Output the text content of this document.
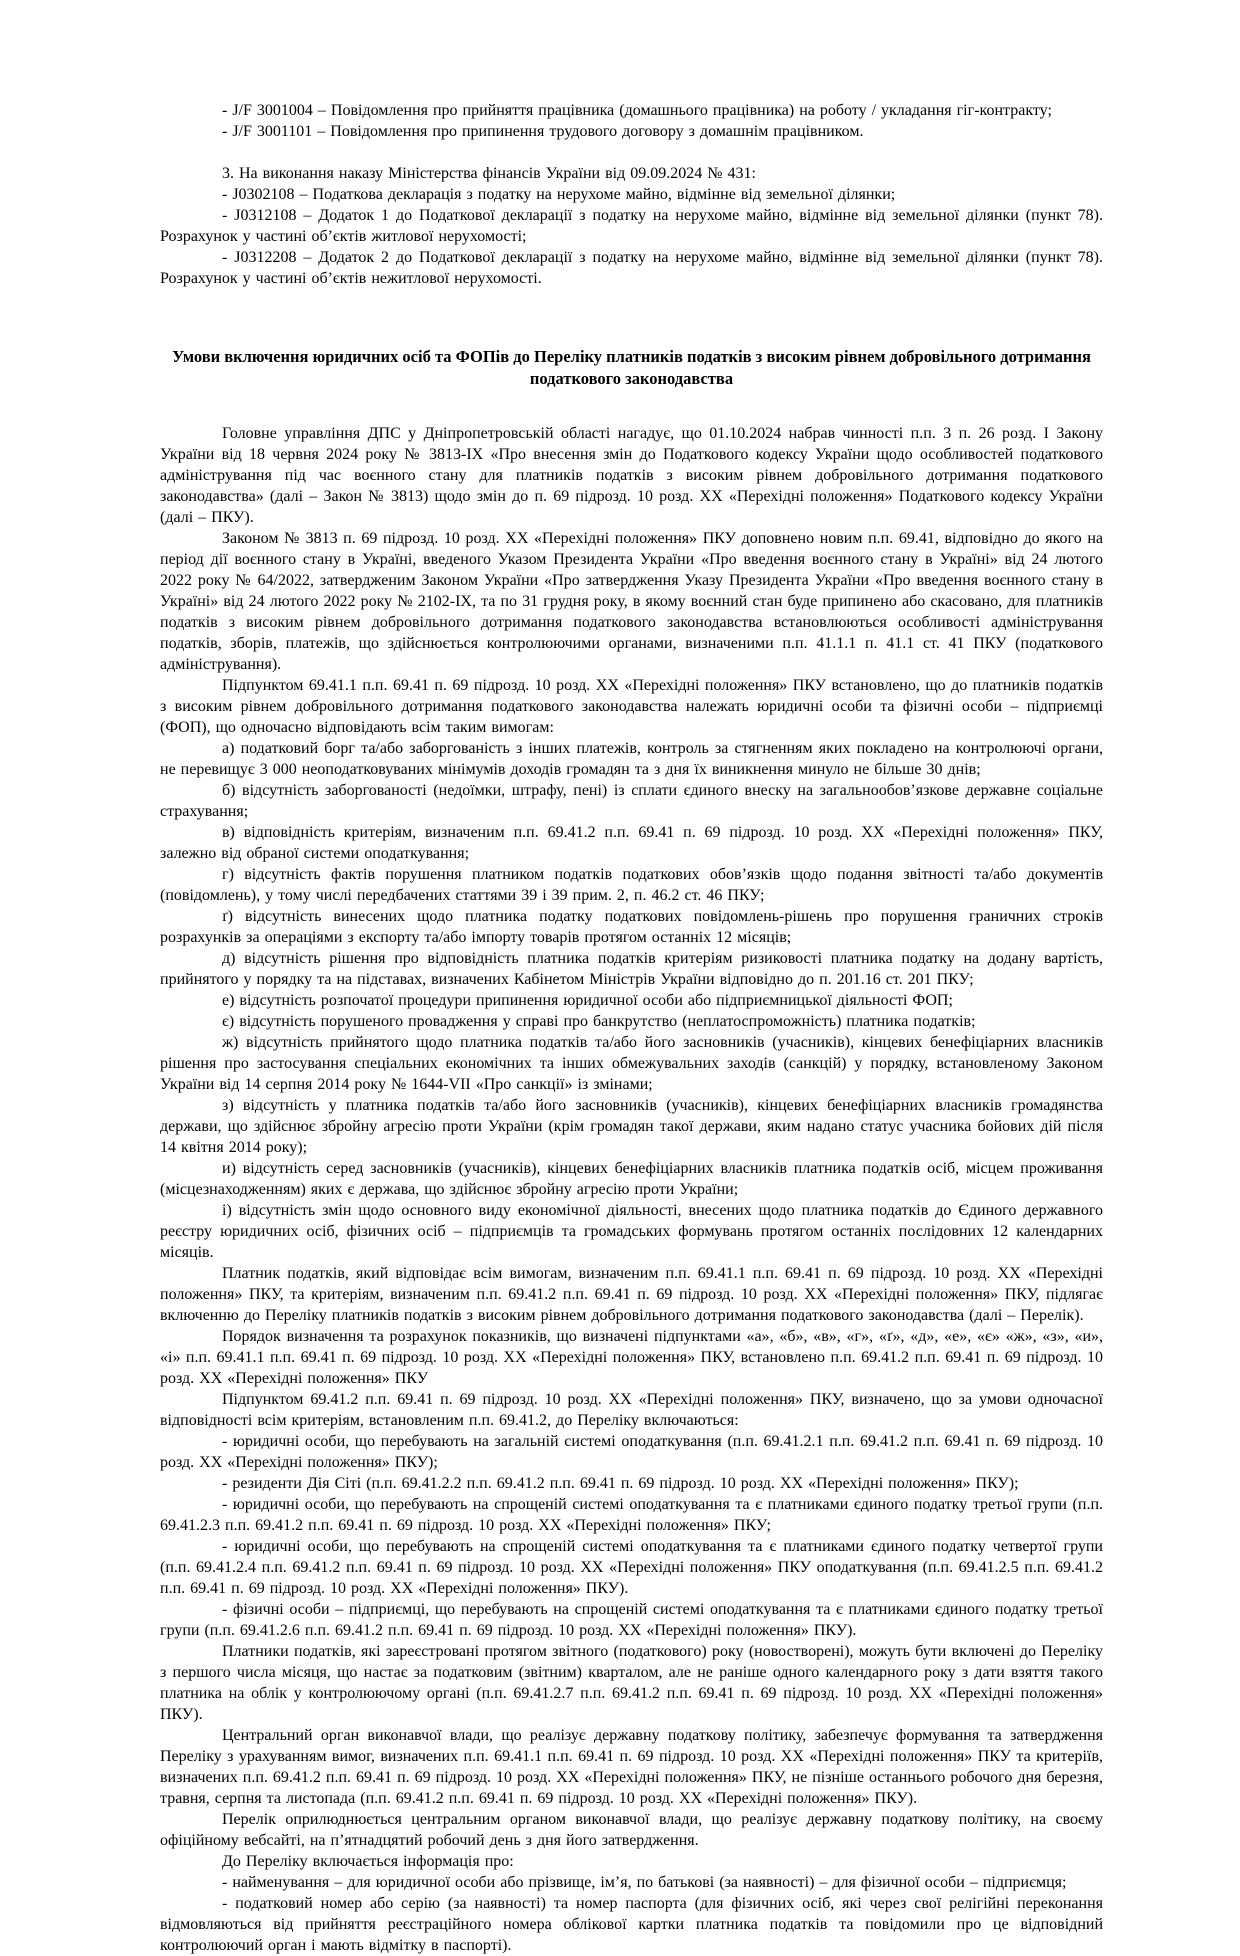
- J/F 3001004 – Повідомлення про прийняття працівника (домашнього працівника) на роботу / укладання гіг-контракту;

- J/F 3001101 – Повідомлення про припинення трудового договору з домашнім працівником.

3. На виконання наказу Міністерства фінансів України від 09.09.2024 № 431:

- J0302108 – Податкова декларація з податку на нерухоме майно, відмінне від земельної ділянки;

- J0312108 – Додаток 1 до Податкової декларації з податку на нерухоме майно, відмінне від земельної ділянки (пункт 78). Розрахунок у частині об’єктів житлової нерухомості;

- J0312208 – Додаток 2 до Податкової декларації з податку на нерухоме майно, відмінне від земельної ділянки (пункт 78). Розрахунок у частині об’єктів нежитлової нерухомості.

Умови включення юридичних осіб та ФОПів до Переліку платників податків з високим рівнем добровільного дотримання податкового законодавства

Головне управління ДПС у Дніпропетровській області нагадує, що 01.10.2024 набрав чинності п.п. 3 п. 26 розд. І Закону України від 18 червня 2024 року № 3813-ІХ «Про внесення змін до Податкового кодексу України щодо особливостей податкового адміністрування під час воєнного стану для платників податків з високим рівнем добровільного дотримання податкового законодавства» (далі – Закон № 3813) щодо змін до п. 69 підрозд. 10 розд. ХХ «Перехідні положення» Податкового кодексу України (далі – ПКУ).

Законом № 3813 п. 69 підрозд. 10 розд. ХХ «Перехідні положення» ПКУ доповнено новим п.п. 69.41, відповідно до якого на період дії воєнного стану в Україні, введеного Указом Президента України «Про введення воєнного стану в Україні» від 24 лютого 2022 року № 64/2022, затвердженим Законом України «Про затвердження Указу Президента України «Про введення воєнного стану в Україні» від 24 лютого 2022 року № 2102-ІХ, та по 31 грудня року, в якому воєнний стан буде припинено або скасовано, для платників податків з високим рівнем добровільного дотримання податкового законодавства встановлюються особливості адміністрування податків, зборів, платежів, що здійснюється контролюючими органами, визначеними п.п. 41.1.1 п. 41.1 ст. 41 ПКУ (податкового адміністрування).

Підпунктом 69.41.1 п.п. 69.41 п. 69 підрозд. 10 розд. ХХ «Перехідні положення» ПКУ встановлено, що до платників податків з високим рівнем добровільного дотримання податкового законодавства належать юридичні особи та фізичні особи – підприємці (ФОП), що одночасно відповідають всім таким вимогам:

а) податковий борг та/або заборгованість з інших платежів, контроль за стягненням яких покладено на контролюючі органи, не перевищує 3 000 неоподатковуваних мінімумів доходів громадян та з дня їх виникнення минуло не більше 30 днів;

б) відсутність заборгованості (недоїмки, штрафу, пені) із сплати єдиного внеску на загальнообов’язкове державне соціальне страхування;

в) відповідність критеріям, визначеним п.п. 69.41.2 п.п. 69.41 п. 69 підрозд. 10 розд. ХХ «Перехідні положення» ПКУ, залежно від обраної системи оподаткування;

г) відсутність фактів порушення платником податків податкових обов’язків щодо подання звітності та/або документів (повідомлень), у тому числі передбачених статтями 39 і 39 прим. 2, п. 46.2 ст. 46 ПКУ;

ґ) відсутність винесених щодо платника податку податкових повідомлень-рішень про порушення граничних строків розрахунків за операціями з експорту та/або імпорту товарів протягом останніх 12 місяців;

д) відсутність рішення про відповідність платника податків критеріям ризиковості платника податку на додану вартість, прийнятого у порядку та на підставах, визначених Кабінетом Міністрів України відповідно до п. 201.16 ст. 201 ПКУ;

е) відсутність розпочатої процедури припинення юридичної особи або підприємницької діяльності ФОП;

є) відсутність порушеного провадження у справі про банкрутство (неплатоспроможність) платника податків;

ж) відсутність прийнятого щодо платника податків та/або його засновників (учасників), кінцевих бенефіціарних власників рішення про застосування спеціальних економічних та інших обмежувальних заходів (санкцій) у порядку, встановленому Законом України від 14 серпня 2014 року № 1644-VII «Про санкції» із змінами;

з) відсутність у платника податків та/або його засновників (учасників), кінцевих бенефіціарних власників громадянства держави, що здійснює збройну агресію проти України (крім громадян такої держави, яким надано статус учасника бойових дій після 14 квітня 2014 року);

и) відсутність серед засновників (учасників), кінцевих бенефіціарних власників платника податків осіб, місцем проживання (місцезнаходженням) яких є держава, що здійснює збройну агресію проти України;

і) відсутність змін щодо основного виду економічної діяльності, внесених щодо платника податків до Єдиного державного реєстру юридичних осіб, фізичних осіб – підприємців та громадських формувань протягом останніх послідовних 12 календарних місяців.

Платник податків, який відповідає всім вимогам, визначеним п.п. 69.41.1 п.п. 69.41 п. 69 підрозд. 10 розд. ХХ «Перехідні положення» ПКУ, та критеріям, визначеним п.п. 69.41.2 п.п. 69.41 п. 69 підрозд. 10 розд. ХХ «Перехідні положення» ПКУ, підлягає включенню до Переліку платників податків з високим рівнем добровільного дотримання податкового законодавства (далі – Перелік).

Порядок визначення та розрахунок показників, що визначені підпунктами «а», «б», «в», «г», «ґ», «д», «е», «є» «ж», «з», «и», «і» п.п. 69.41.1 п.п. 69.41 п. 69 підрозд. 10 розд. ХХ «Перехідні положення» ПКУ, встановлено п.п. 69.41.2 п.п. 69.41 п. 69 підрозд. 10 розд. ХХ «Перехідні положення» ПКУ

Підпунктом 69.41.2 п.п. 69.41 п. 69 підрозд. 10 розд. ХХ «Перехідні положення» ПКУ, визначено, що за умови одночасної відповідності всім критеріям, встановленим п.п. 69.41.2, до Переліку включаються:

- юридичні особи, що перебувають на загальній системі оподаткування (п.п. 69.41.2.1 п.п. 69.41.2 п.п. 69.41 п. 69 підрозд. 10 розд. ХХ «Перехідні положення» ПКУ);

- резиденти Дія Сіті (п.п. 69.41.2.2 п.п. 69.41.2 п.п. 69.41 п. 69 підрозд. 10 розд. ХХ «Перехідні положення» ПКУ);

- юридичні особи, що перебувають на спрощеній системі оподаткування та є платниками єдиного податку третьої групи (п.п. 69.41.2.3 п.п. 69.41.2 п.п. 69.41 п. 69 підрозд. 10 розд. ХХ «Перехідні положення» ПКУ;

- юридичні особи, що перебувають на спрощеній системі оподаткування та є платниками єдиного податку четвертої групи (п.п. 69.41.2.4 п.п. 69.41.2 п.п. 69.41 п. 69 підрозд. 10 розд. ХХ «Перехідні положення» ПКУ оподаткування (п.п. 69.41.2.5 п.п. 69.41.2 п.п. 69.41 п. 69 підрозд. 10 розд. ХХ «Перехідні положення» ПКУ).

- фізичні особи – підприємці, що перебувають на спрощеній системі оподаткування та є платниками єдиного податку третьої групи (п.п. 69.41.2.6 п.п. 69.41.2 п.п. 69.41 п. 69 підрозд. 10 розд. ХХ «Перехідні положення» ПКУ).

Платники податків, які зареєстровані протягом звітного (податкового) року (новостворені), можуть бути включені до Переліку з першого числа місяця, що настає за податковим (звітним) кварталом, але не раніше одного календарного року з дати взяття такого платника на облік у контролюючому органі (п.п. 69.41.2.7 п.п. 69.41.2 п.п. 69.41 п. 69 підрозд. 10 розд. ХХ «Перехідні положення» ПКУ).

Центральний орган виконавчої влади, що реалізує державну податкову політику, забезпечує формування та затвердження Переліку з урахуванням вимог, визначених п.п. 69.41.1 п.п. 69.41 п. 69 підрозд. 10 розд. ХХ «Перехідні положення» ПКУ та критеріїв, визначених п.п. 69.41.2 п.п. 69.41 п. 69 підрозд. 10 розд. ХХ «Перехідні положення» ПКУ, не пізніше останнього робочого дня березня, травня, серпня та листопада (п.п. 69.41.2 п.п. 69.41 п. 69 підрозд. 10 розд. ХХ «Перехідні положення» ПКУ).

Перелік оприлюднюється центральним органом виконавчої влади, що реалізує державну податкову політику, на своєму офіційному вебсайті, на п’ятнадцятий робочий день з дня його затвердження.

До Переліку включається інформація про:

- найменування – для юридичної особи або прізвище, ім’я, по батькові (за наявності) – для фізичної особи – підприємця;

- податковий номер або серію (за наявності) та номер паспорта (для фізичних осіб, які через свої релігійні переконання відмовляються від прийняття реєстраційного номера облікової картки платника податків та повідомили про це відповідний контролюючий орган і мають відмітку в паспорті).
